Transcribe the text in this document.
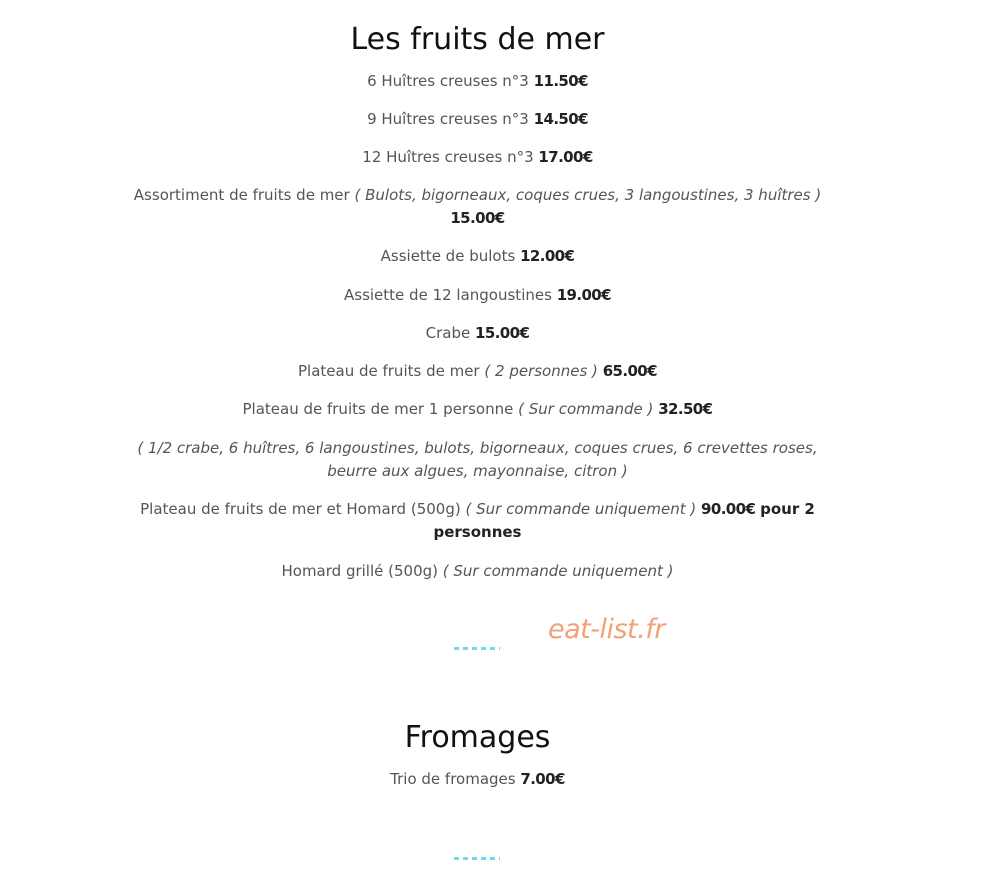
Les fruits de mer
6 Huîtres creuses n°3 11.50€
9 Huîtres creuses n°3 14.50€
12 Huîtres creuses n°3 17.00€
Assortiment de fruits de mer ( Bulots, bigorneaux, coques crues, 3 langoustines, 3 huîtres )
15.00€
Assiette de bulots 12.00€
Assiette de 12 langoustines 19.00€
Crabe 15.00€
Plateau de fruits de mer ( 2 personnes ) 65.00€
Plateau de fruits de mer 1 personne ( Sur commande ) 32.50€
( 1/2 crabe, 6 huîtres, 6 langoustines, bulots, bigorneaux, coques crues, 6 crevettes roses, beurre aux algues, mayonnaise, citron )
Plateau de fruits de mer et Homard (500g) ( Sur commande uniquement ) 90.00€ pour 2 personnes
Homard grillé (500g) ( Sur commande uniquement )
Fromages
Trio de fromages 7.00€
eat-list.fr
